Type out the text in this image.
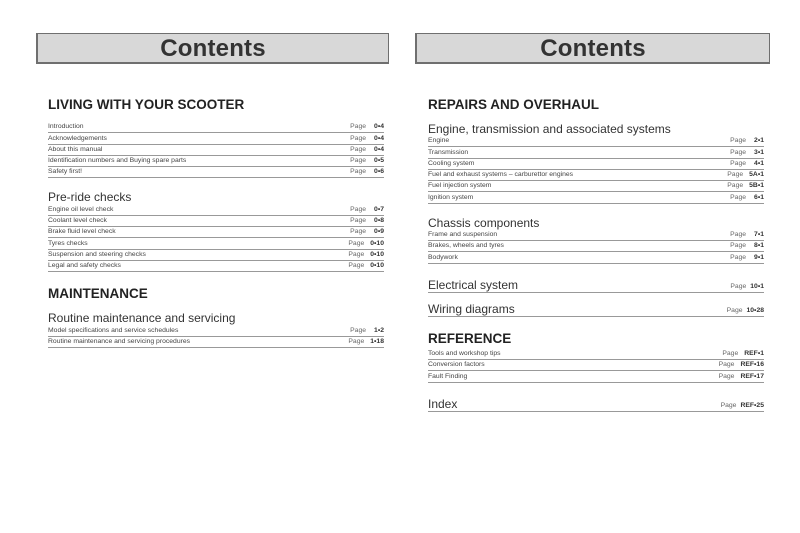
Contents
LIVING WITH YOUR SCOOTER
Introduction	Page	0•4
Acknowledgements	Page	0•4
About this manual	Page	0•4
Identification numbers and Buying spare parts	Page	0•5
Safety first!	Page	0•6
Pre-ride checks
Engine oil level check	Page	0•7
Coolant level check	Page	0•8
Brake fluid level check	Page	0•9
Tyres checks	Page 0•10
Suspension and steering checks	Page 0•10
Legal and safety checks	Page 0•10
MAINTENANCE
Routine maintenance and servicing
Model specifications and service schedules	Page	1•2
Routine maintenance and servicing procedures	Page 1•18
Contents
REPAIRS AND OVERHAUL
Engine, transmission and associated systems
Engine	Page	2•1
Transmission	Page	3•1
Cooling system	Page	4•1
Fuel and exhaust systems – carburettor engines	Page 5A•1
Fuel injection system	Page 5B•1
Ignition system	Page	6•1
Chassis components
Frame and suspension	Page	7•1
Brakes, wheels and tyres	Page	8•1
Bodywork	Page	9•1
Electrical system	Page 10•1
Wiring diagrams	Page 10•28
REFERENCE
Tools and workshop tips	Page REF•1
Conversion factors	Page REF•16
Fault Finding	Page REF•17
Index	Page REF•25
